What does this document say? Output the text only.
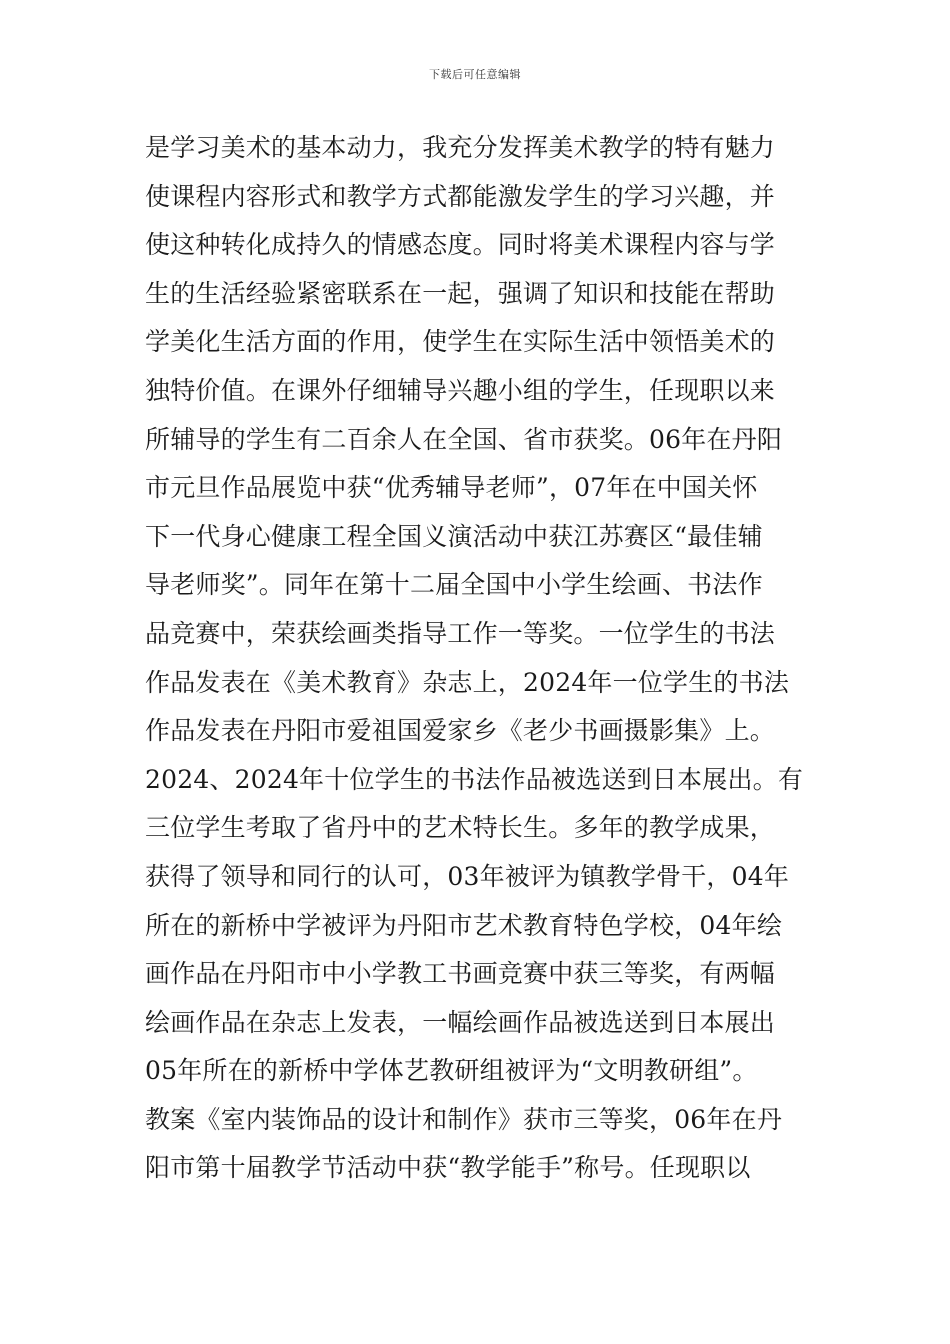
下载后可任意编辑
是学习美术的基本动力，我充分发挥美术教学的特有魅力
使课程内容形式和教学方式都能激发学生的学习兴趣，并
使这种转化成持久的情感态度。同时将美术课程内容与学
生的生活经验紧密联系在一起，强调了知识和技能在帮助
学美化生活方面的作用，使学生在实际生活中领悟美术的
独特价值。在课外仔细辅导兴趣小组的学生，任现职以来
所辅导的学生有二百余人在全国、省市获奖。06年在丹阳
市元旦作品展览中获“优秀辅导老师”，07年在中国关怀
下一代身心健康工程全国义演活动中获江苏赛区“最佳辅
导老师奖”。同年在第十二届全国中小学生绘画、书法作
品竞赛中，荣获绘画类指导工作一等奖。一位学生的书法
作品发表在《美术教育》杂志上，2024年一位学生的书法
作品发表在丹阳市爱祖国爱家乡《老少书画摄影集》上。
2024、2024年十位学生的书法作品被选送到日本展出。有
三位学生考取了省丹中的艺术特长生。多年的教学成果，
获得了领导和同行的认可，03年被评为镇教学骨干，04年
所在的新桥中学被评为丹阳市艺术教育特色学校，04年绘
画作品在丹阳市中小学教工书画竞赛中获三等奖，有两幅
绘画作品在杂志上发表，一幅绘画作品被选送到日本展出
05年所在的新桥中学体艺教研组被评为“文明教研组”。
教案《室内装饰品的设计和制作》获市三等奖，06年在丹
阳市第十届教学节活动中获“教学能手”称号。任现职以
